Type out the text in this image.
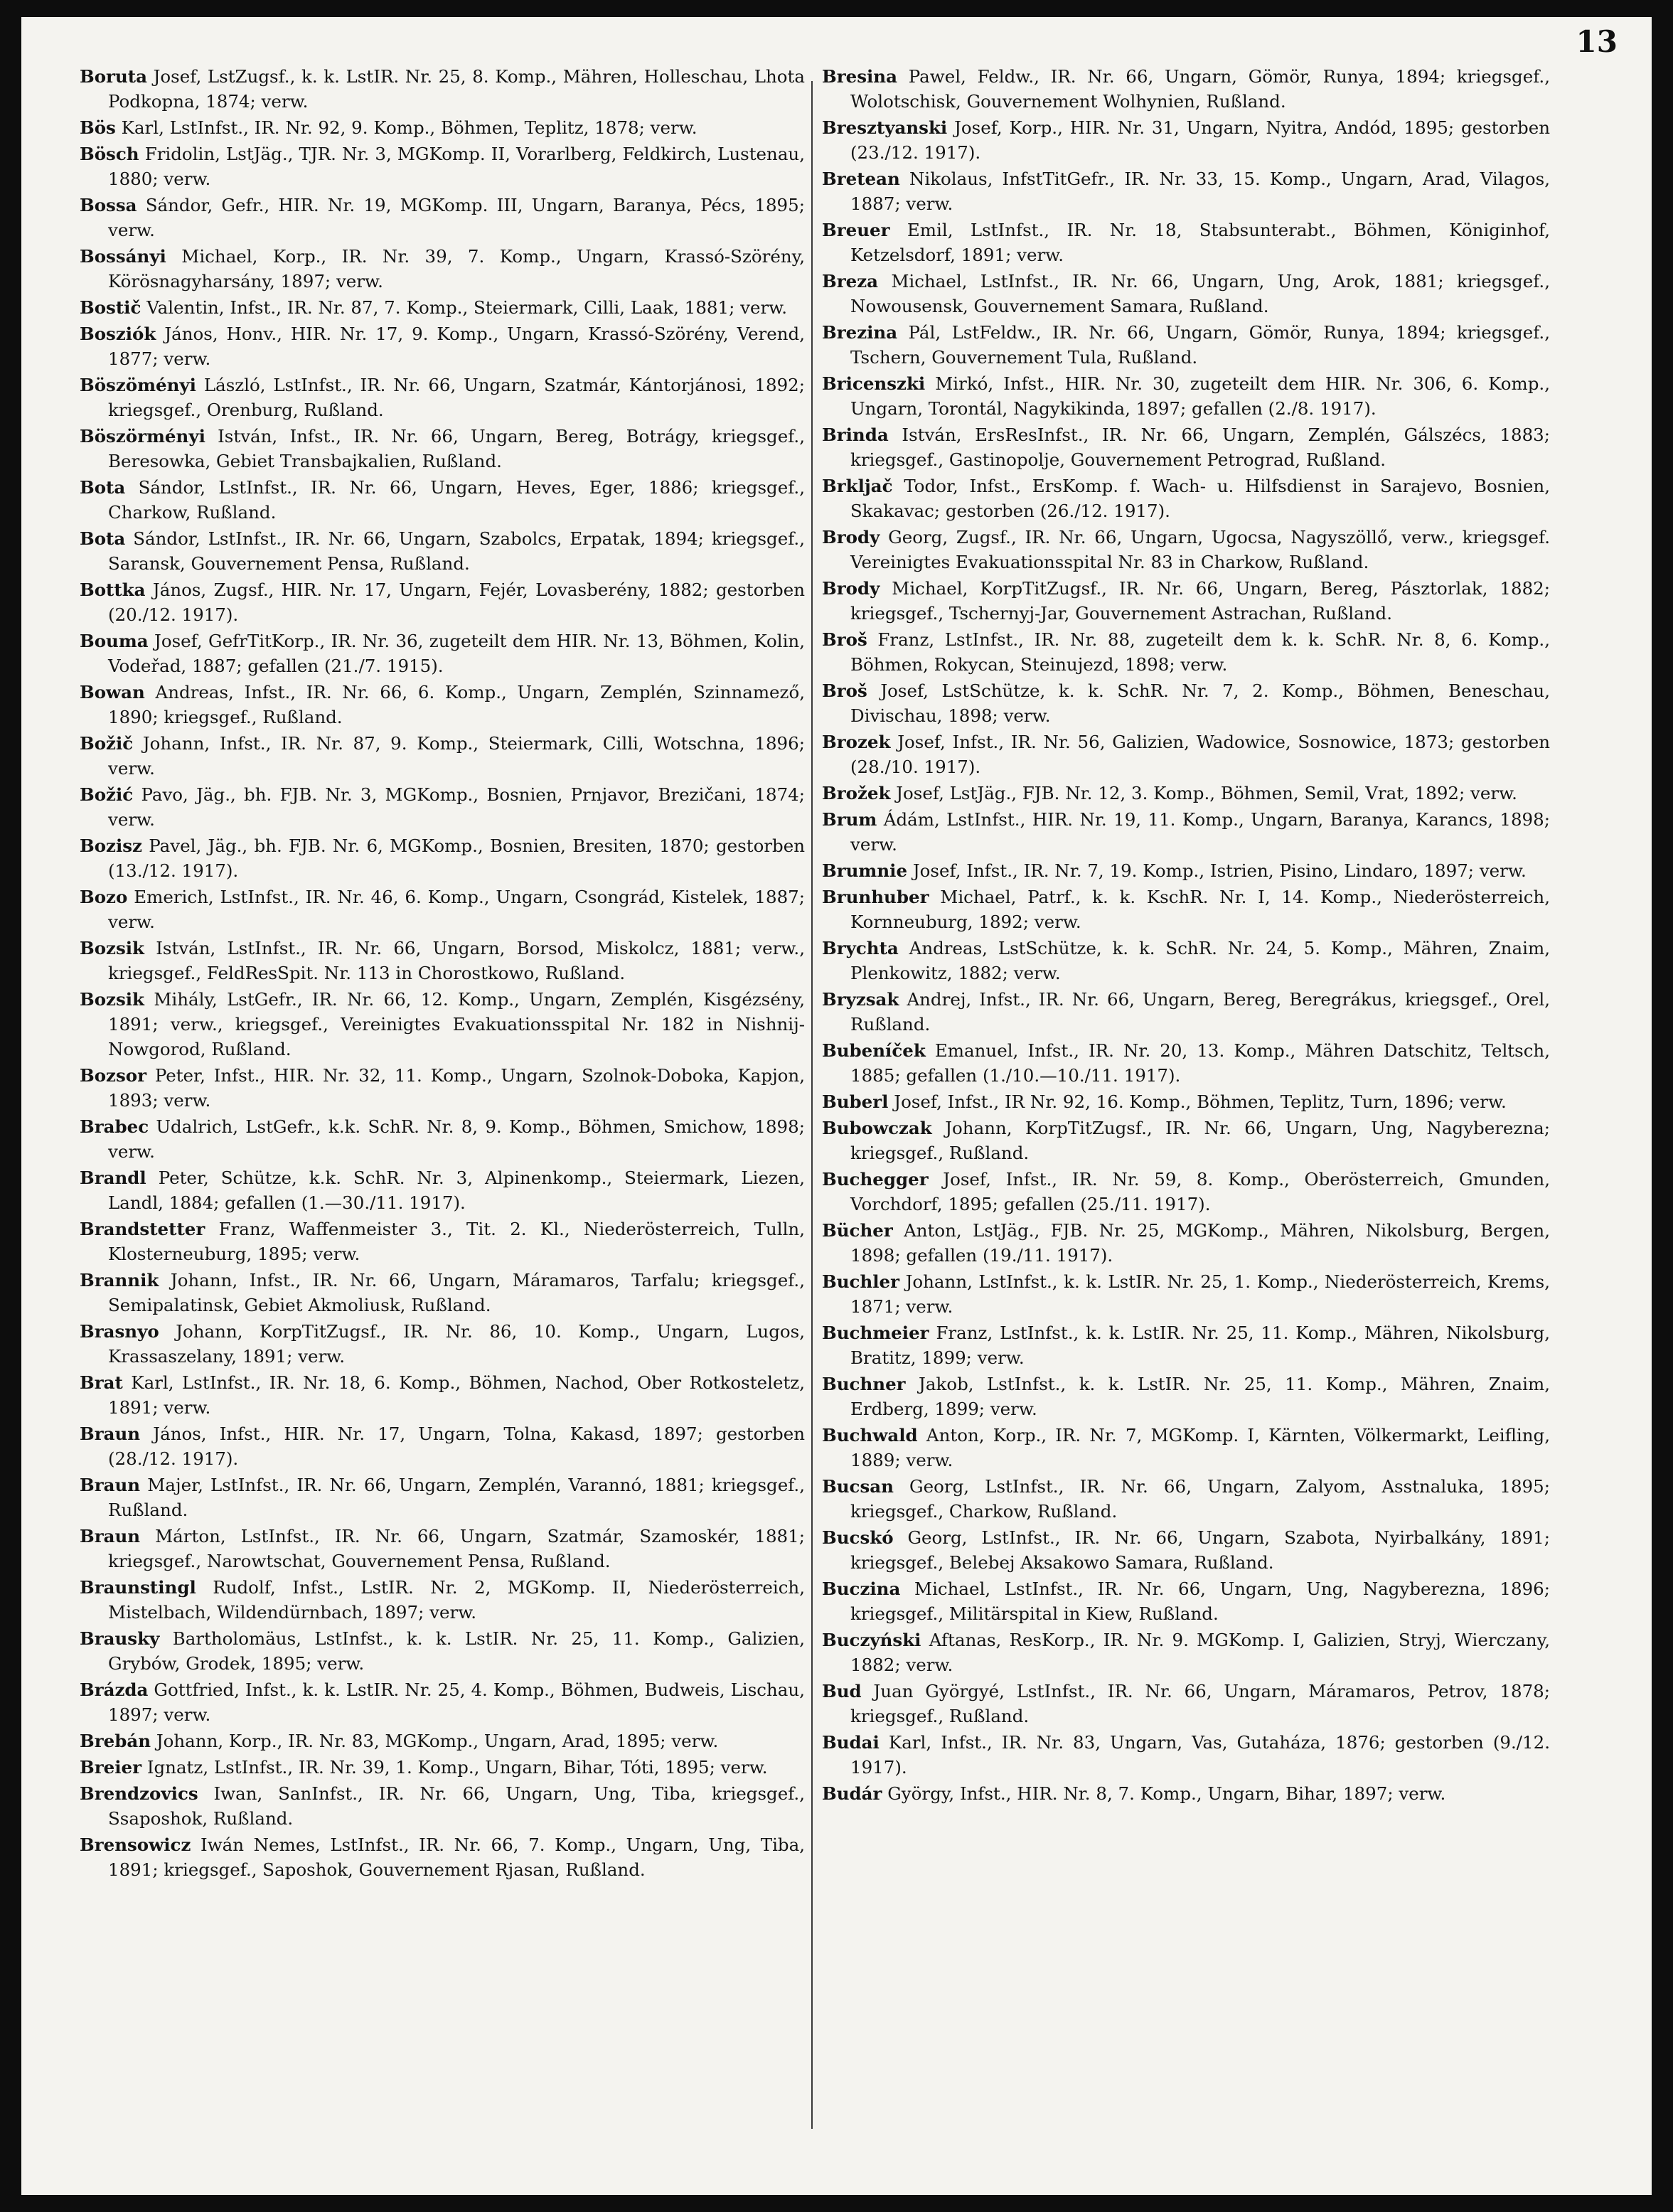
13

Boruta Josef, LstZugsf., k. k. LstIR. Nr. 25, 8. Komp., Mähren, Holleschau, Lhota Podkopna, 1874; verw.

Bös Karl, LstInfst., IR. Nr. 92, 9. Komp., Böhmen, Teplitz, 1878; verw.

Bösch Fridolin, LstJäg., TJR. Nr. 3, MGKomp. II, Vorarlberg, Feldkirch, Lustenau, 1880; verw.

Bossa Sándor, Gefr., HIR. Nr. 19, MGKomp. III, Ungarn, Baranya, Pécs, 1895; verw.

Bossányi Michael, Korp., IR. Nr. 39, 7. Komp., Ungarn, Krassó-Szörény, Körösnagyharsány, 1897; verw.

Bostič Valentin, Infst., IR. Nr. 87, 7. Komp., Steiermark, Cilli, Laak, 1881; verw.

Bosziók János, Honv., HIR. Nr. 17, 9. Komp., Ungarn, Krassó-Szörény, Verend, 1877; verw.

Böszöményi László, LstInfst., IR. Nr. 66, Ungarn, Szatmár, Kántorjánosi, 1892; kriegsgef., Orenburg, Rußland.

Böszörményi István, Infst., IR. Nr. 66, Ungarn, Bereg, Botrágy, kriegsgef., Beresowka, Gebiet Transbajkalien, Rußland.

Bota Sándor, LstInfst., IR. Nr. 66, Ungarn, Heves, Eger, 1886; kriegsgef., Charkow, Rußland.

Bota Sándor, LstInfst., IR. Nr. 66, Ungarn, Szabolcs, Erpatak, 1894; kriegsgef., Saransk, Gouvernement Pensa, Rußland.

Bottka János, Zugsf., HIR. Nr. 17, Ungarn, Fejér, Lovasberény, 1882; gestorben (20./12. 1917).

Bouma Josef, GefrTitKorp., IR. Nr. 36, zugeteilt dem HIR. Nr. 13, Böhmen, Kolin, Vodeřad, 1887; gefallen (21./7. 1915).

Bowan Andreas, Infst., IR. Nr. 66, 6. Komp., Ungarn, Zemplén, Szinnamező, 1890; kriegsgef., Rußland.

Božič Johann, Infst., IR. Nr. 87, 9. Komp., Steiermark, Cilli, Wotschna, 1896; verw.

Božić Pavo, Jäg., bh. FJB. Nr. 3, MGKomp., Bosnien, Prnjavor, Brezičani, 1874; verw.

Bozisz Pavel, Jäg., bh. FJB. Nr. 6, MGKomp., Bosnien, Bresiten, 1870; gestorben (13./12. 1917).

Bozo Emerich, LstInfst., IR. Nr. 46, 6. Komp., Ungarn, Csongrád, Kistelek, 1887; verw.

Bozsik István, LstInfst., IR. Nr. 66, Ungarn, Borsod, Miskolcz, 1881; verw., kriegsgef., FeldResSpit. Nr. 113 in Chorostkowo, Rußland.

Bozsik Mihály, LstGefr., IR. Nr. 66, 12. Komp., Ungarn, Zemplén, Kisgézsény, 1891; verw., kriegsgef., Vereinigtes Evakuationsspital Nr. 182 in Nishnij-Nowgorod, Rußland.

Bozsor Peter, Infst., HIR. Nr. 32, 11. Komp., Ungarn, Szolnok-Doboka, Kapjon, 1893; verw.

Brabec Udalrich, LstGefr., k.k. SchR. Nr. 8, 9. Komp., Böhmen, Smichow, 1898; verw.

Brandl Peter, Schütze, k.k. SchR. Nr. 3, Alpinenkomp., Steiermark, Liezen, Landl, 1884; gefallen (1.—30./11. 1917).

Brandstetter Franz, Waffenmeister 3., Tit. 2. Kl., Niederösterreich, Tulln, Klosterneuburg, 1895; verw.

Brannik Johann, Infst., IR. Nr. 66, Ungarn, Máramaros, Tarfalu; kriegsgef., Semipalatinsk, Gebiet Akmoliusk, Rußland.

Brasnyo Johann, KorpTitZugsf., IR. Nr. 86, 10. Komp., Ungarn, Lugos, Krassaszelany, 1891; verw.

Brat Karl, LstInfst., IR. Nr. 18, 6. Komp., Böhmen, Nachod, Ober Rotkosteletz, 1891; verw.

Braun János, Infst., HIR. Nr. 17, Ungarn, Tolna, Kakasd, 1897; gestorben (28./12. 1917).

Braun Majer, LstInfst., IR. Nr. 66, Ungarn, Zemplén, Varannó, 1881; kriegsgef., Rußland.

Braun Márton, LstInfst., IR. Nr. 66, Ungarn, Szatmár, Szamoskér, 1881; kriegsgef., Narowtschat, Gouvernement Pensa, Rußland.

Braunstingl Rudolf, Infst., LstIR. Nr. 2, MGKomp. II, Niederösterreich, Mistelbach, Wildendürnbach, 1897; verw.

Brausky Bartholomäus, LstInfst., k. k. LstIR. Nr. 25, 11. Komp., Galizien, Grybów, Grodek, 1895; verw.

Brázda Gottfried, Infst., k. k. LstIR. Nr. 25, 4. Komp., Böhmen, Budweis, Lischau, 1897; verw.

Brebán Johann, Korp., IR. Nr. 83, MGKomp., Ungarn, Arad, 1895; verw.

Breier Ignatz, LstInfst., IR. Nr. 39, 1. Komp., Ungarn, Bihar, Tóti, 1895; verw.

Brendzovics Iwan, SanInfst., IR. Nr. 66, Ungarn, Ung, Tiba, kriegsgef., Ssaposhok, Rußland.

Brensowicz Iwán Nemes, LstInfst., IR. Nr. 66, 7. Komp., Ungarn, Ung, Tiba, 1891; kriegsgef., Saposhok, Gouvernement Rjasan, Rußland.

Bresina Pawel, Feldw., IR. Nr. 66, Ungarn, Gömör, Runya, 1894; kriegsgef., Wolotschisk, Gouvernement Wolhynien, Rußland.

Bresztyanski Josef, Korp., HIR. Nr. 31, Ungarn, Nyitra, Andód, 1895; gestorben (23./12. 1917).

Bretean Nikolaus, InfstTitGefr., IR. Nr. 33, 15. Komp., Ungarn, Arad, Vilagos, 1887; verw.

Breuer Emil, LstInfst., IR. Nr. 18, Stabsunterabt., Böhmen, Königinhof, Ketzelsdorf, 1891; verw.

Breza Michael, LstInfst., IR. Nr. 66, Ungarn, Ung, Arok, 1881; kriegsgef., Nowousensk, Gouvernement Samara, Rußland.

Brezina Pál, LstFeldw., IR. Nr. 66, Ungarn, Gömör, Runya, 1894; kriegsgef., Tschern, Gouvernement Tula, Rußland.

Bricenszki Mirkó, Infst., HIR. Nr. 30, zugeteilt dem HIR. Nr. 306, 6. Komp., Ungarn, Torontál, Nagykikinda, 1897; gefallen (2./8. 1917).

Brinda István, ErsResInfst., IR. Nr. 66, Ungarn, Zemplén, Gálszécs, 1883; kriegsgef., Gastinopolje, Gouvernement Petrograd, Rußland.

Brkljač Todor, Infst., ErsKomp. f. Wach- u. Hilfsdienst in Sarajevo, Bosnien, Skakavac; gestorben (26./12. 1917).

Brody Georg, Zugsf., IR. Nr. 66, Ungarn, Ugocsa, Nagyszöllő, verw., kriegsgef. Vereinigtes Evakuationsspital Nr. 83 in Charkow, Rußland.

Brody Michael, KorpTitZugsf., IR. Nr. 66, Ungarn, Bereg, Pásztorlak, 1882; kriegsgef., Tschernyj-Jar, Gouvernement Astrachan, Rußland.

Broš Franz, LstInfst., IR. Nr. 88, zugeteilt dem k. k. SchR. Nr. 8, 6. Komp., Böhmen, Rokycan, Steinujezd, 1898; verw.

Broš Josef, LstSchütze, k. k. SchR. Nr. 7, 2. Komp., Böhmen, Beneschau, Divischau, 1898; verw.

Brozek Josef, Infst., IR. Nr. 56, Galizien, Wadowice, Sosnowice, 1873; gestorben (28./10. 1917).

Brožek Josef, LstJäg., FJB. Nr. 12, 3. Komp., Böhmen, Semil, Vrat, 1892; verw.

Brum Ádám, LstInfst., HIR. Nr. 19, 11. Komp., Ungarn, Baranya, Karancs, 1898; verw.

Brumnie Josef, Infst., IR. Nr. 7, 19. Komp., Istrien, Pisino, Lindaro, 1897; verw.

Brunhuber Michael, Patrf., k. k. KschR. Nr. I, 14. Komp., Niederösterreich, Kornneuburg, 1892; verw.

Brychta Andreas, LstSchütze, k. k. SchR. Nr. 24, 5. Komp., Mähren, Znaim, Plenkowitz, 1882; verw.

Bryzsak Andrej, Infst., IR. Nr. 66, Ungarn, Bereg, Beregrákus, kriegsgef., Orel, Rußland.

Bubeníček Emanuel, Infst., IR. Nr. 20, 13. Komp., Mähren Datschitz, Teltsch, 1885; gefallen (1./10.—10./11. 1917).

Buberl Josef, Infst., IR Nr. 92, 16. Komp., Böhmen, Teplitz, Turn, 1896; verw.

Bubowczak Johann, KorpTitZugsf., IR. Nr. 66, Ungarn, Ung, Nagyberezna; kriegsgef., Rußland.

Buchegger Josef, Infst., IR. Nr. 59, 8. Komp., Oberösterreich, Gmunden, Vorchdorf, 1895; gefallen (25./11. 1917).

Bücher Anton, LstJäg., FJB. Nr. 25, MGKomp., Mähren, Nikolsburg, Bergen, 1898; gefallen (19./11. 1917).

Buchler Johann, LstInfst., k. k. LstIR. Nr. 25, 1. Komp., Niederösterreich, Krems, 1871; verw.

Buchmeier Franz, LstInfst., k. k. LstIR. Nr. 25, 11. Komp., Mähren, Nikolsburg, Bratitz, 1899; verw.

Buchner Jakob, LstInfst., k. k. LstIR. Nr. 25, 11. Komp., Mähren, Znaim, Erdberg, 1899; verw.

Buchwald Anton, Korp., IR. Nr. 7, MGKomp. I, Kärnten, Völkermarkt, Leifling, 1889; verw.

Bucsan Georg, LstInfst., IR. Nr. 66, Ungarn, Zalyom, Asstnaluka, 1895; kriegsgef., Charkow, Rußland.

Bucskó Georg, LstInfst., IR. Nr. 66, Ungarn, Szabota, Nyirbalkány, 1891; kriegsgef., Belebej Aksakowo Samara, Rußland.

Buczina Michael, LstInfst., IR. Nr. 66, Ungarn, Ung, Nagyberezna, 1896; kriegsgef., Militärspital in Kiew, Rußland.

Buczyński Aftanas, ResKorp., IR. Nr. 9. MGKomp. I, Galizien, Stryj, Wierczany, 1882; verw.

Bud Juan Györgyé, LstInfst., IR. Nr. 66, Ungarn, Máramaros, Petrov, 1878; kriegsgef., Rußland.

Budai Karl, Infst., IR. Nr. 83, Ungarn, Vas, Gutaháza, 1876; gestorben (9./12. 1917).

Budár György, Infst., HIR. Nr. 8, 7. Komp., Ungarn, Bihar, 1897; verw.
